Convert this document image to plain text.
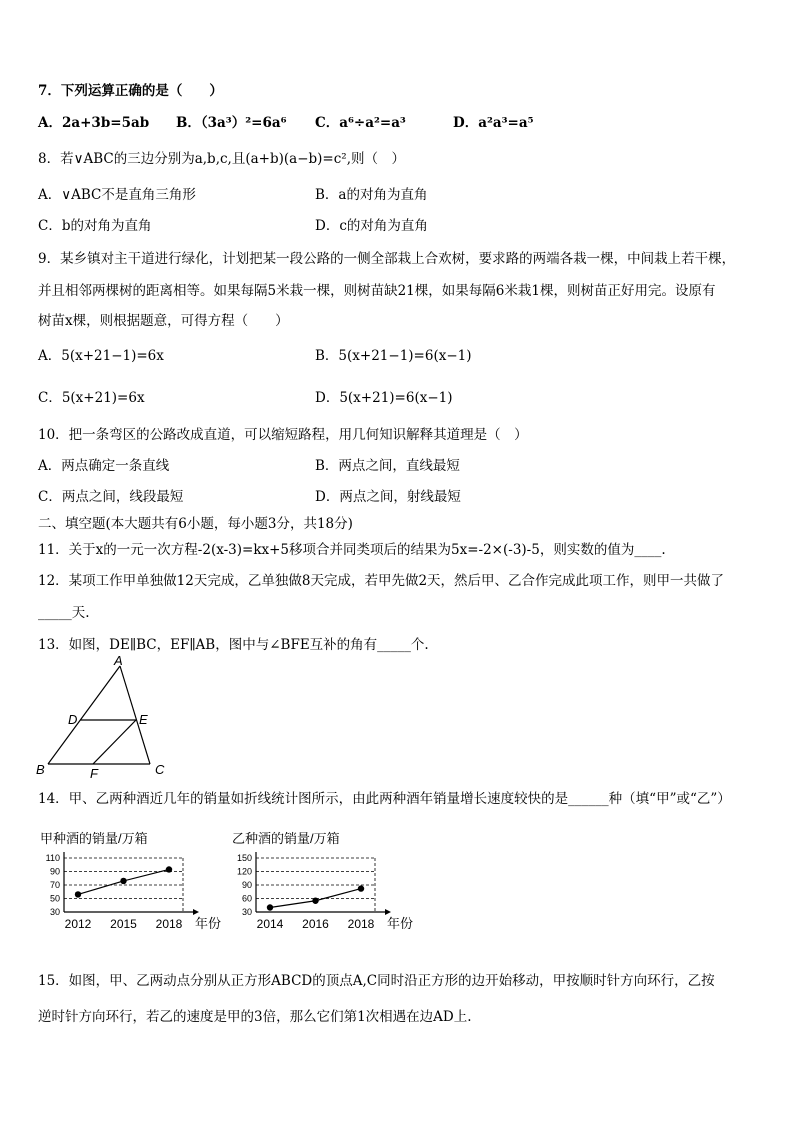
7．下列运算正确的是（　　）
A．2a+3b=5ab B．（3a³）²=6a⁶ C．a⁶÷a²=a³	D．a²a³=a⁵
8．若∨ABC的三边分别为a,b,c,且(a+b)(a−b)=c²,则（　）
A．∨ABC不是直角三角形	B．a的对角为直角
C．b的对角为直角	D．c的对角为直角
9．某乡镇对主干道进行绿化，计划把某一段公路的一侧全部栽上合欢树，要求路的两端各栽一棵，中间栽上若干棵，
并且相邻两棵树的距离相等。如果每隔5米栽一棵，则树苗缺21棵，如果每隔6米栽1棵，则树苗正好用完。设原有
树苗x棵，则根据题意，可得方程（　　）
A．5(x+21−1)=6x	B．5(x+21−1)=6(x−1)
C．5(x+21)=6x	D．5(x+21)=6(x−1)
10．把一条弯区的公路改成直道，可以缩短路程，用几何知识解释其道理是（　）
A．两点确定一条直线	B．两点之间，直线最短
C．两点之间，线段最短	D．两点之间，射线最短
二、填空题(本大题共有6小题，每小题3分，共18分)
11．关于x的一元一次方程-2(x-3)=kx+5移项合并同类项后的结果为5x=-2×(-3)-5，则实数的值为____.
12．某项工作甲单独做12天完成，乙单独做8天完成，若甲先做2天，然后甲、乙合作完成此项工作，则甲一共做了
_____天.
13．如图，DE∥BC，EF∥AB，图中与∠BFE互补的角有_____个.
A
D	E
B	F	C
14．甲、乙两种酒近几年的销量如折线统计图所示，由此两种酒年销量增长速度较快的是______种（填“甲”或“乙”）
甲种酒的销量/万箱
30
50
70
90
110
2012 2015 2018 年份
乙种酒的销量/万箱
30
60
90
120
150
2014 2016 2018 年份
15．如图，甲、乙两动点分别从正方形ABCD的顶点A,C同时沿正方形的边开始移动，甲按顺时针方向环行，乙按
逆时针方向环行，若乙的速度是甲的3倍，那么它们第1次相遇在边AD上.
